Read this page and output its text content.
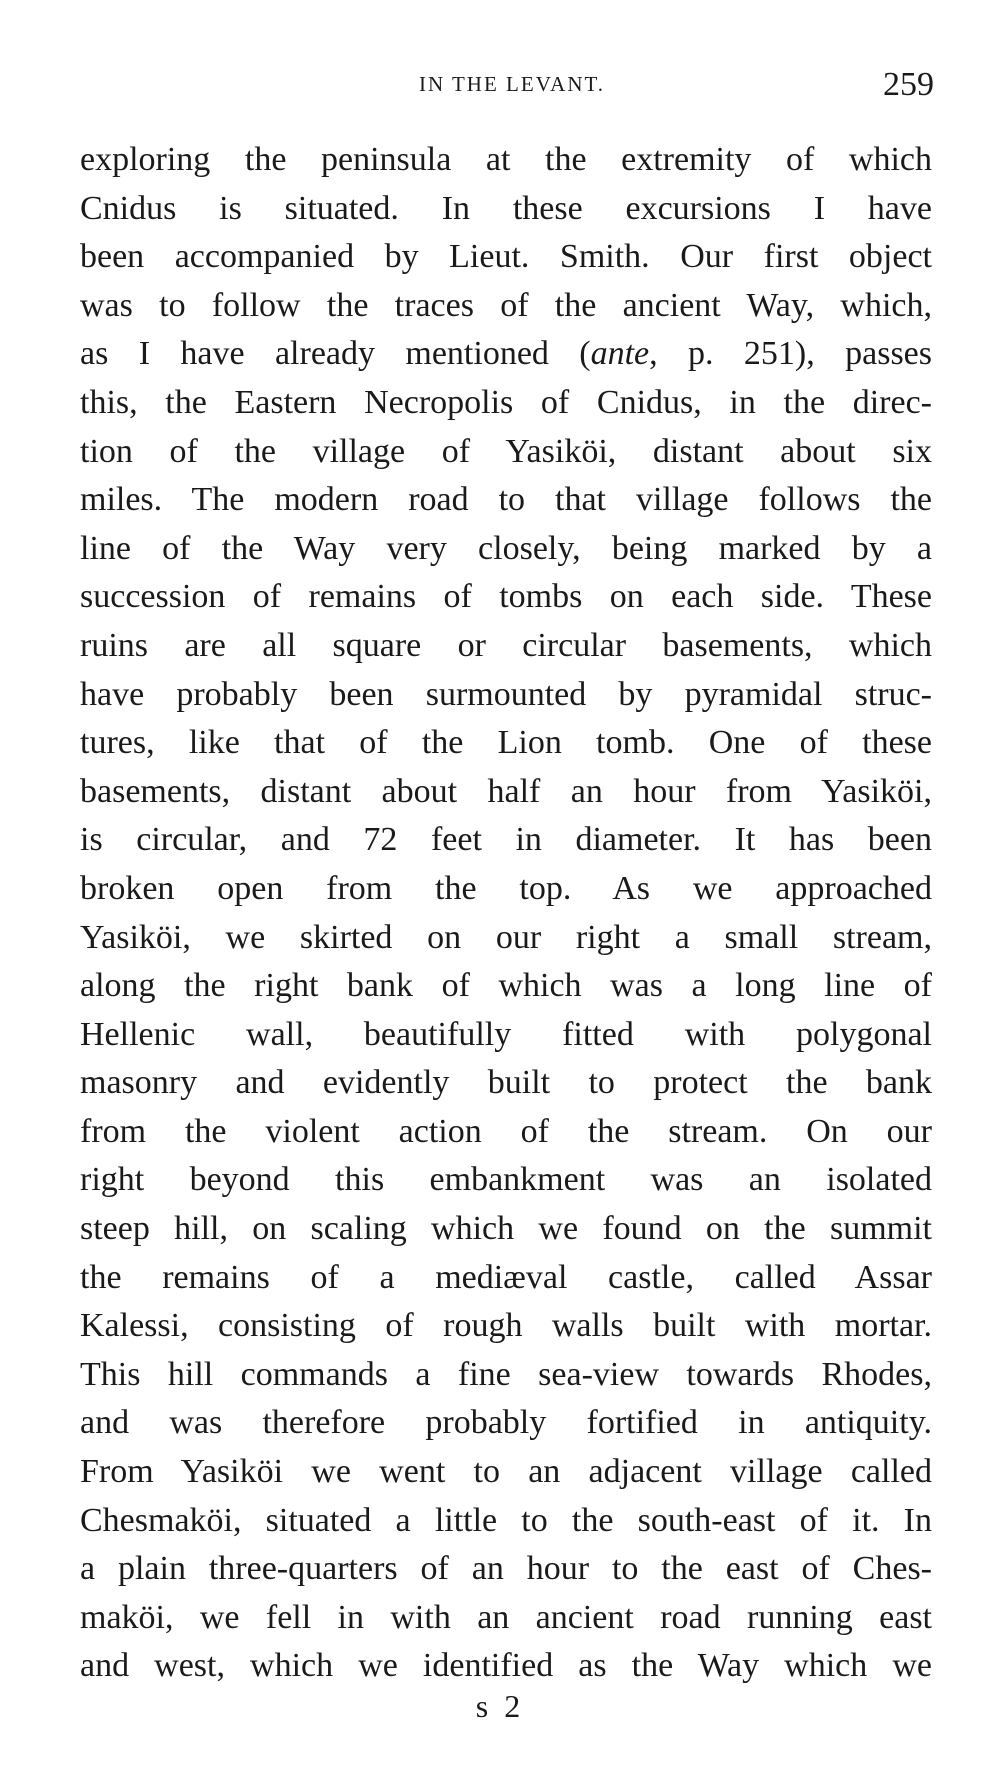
IN THE LEVANT.	259
exploring the peninsula at the extremity of which
Cnidus is situated. In these excursions I have
been accompanied by Lieut. Smith. Our first object
was to follow the traces of the ancient Way, which,
as I have already mentioned (ante, p. 251), passes
this, the Eastern Necropolis of Cnidus, in the direc-
tion of the village of Yasiköi, distant about six
miles. The modern road to that village follows the
line of the Way very closely, being marked by a
succession of remains of tombs on each side. These
ruins are all square or circular basements, which
have probably been surmounted by pyramidal struc-
tures, like that of the Lion tomb. One of these
basements, distant about half an hour from Yasiköi,
is circular, and 72 feet in diameter. It has been
broken open from the top. As we approached
Yasiköi, we skirted on our right a small stream,
along the right bank of which was a long line of
Hellenic wall, beautifully fitted with polygonal
masonry and evidently built to protect the bank
from the violent action of the stream. On our
right beyond this embankment was an isolated
steep hill, on scaling which we found on the summit
the remains of a mediæval castle, called Assar
Kalessi, consisting of rough walls built with mortar.
This hill commands a fine sea-view towards Rhodes,
and was therefore probably fortified in antiquity.
From Yasiköi we went to an adjacent village called
Chesmaköi, situated a little to the south-east of it. In
a plain three-quarters of an hour to the east of Ches-
maköi, we fell in with an ancient road running east
and west, which we identified as the Way which we
s 2
